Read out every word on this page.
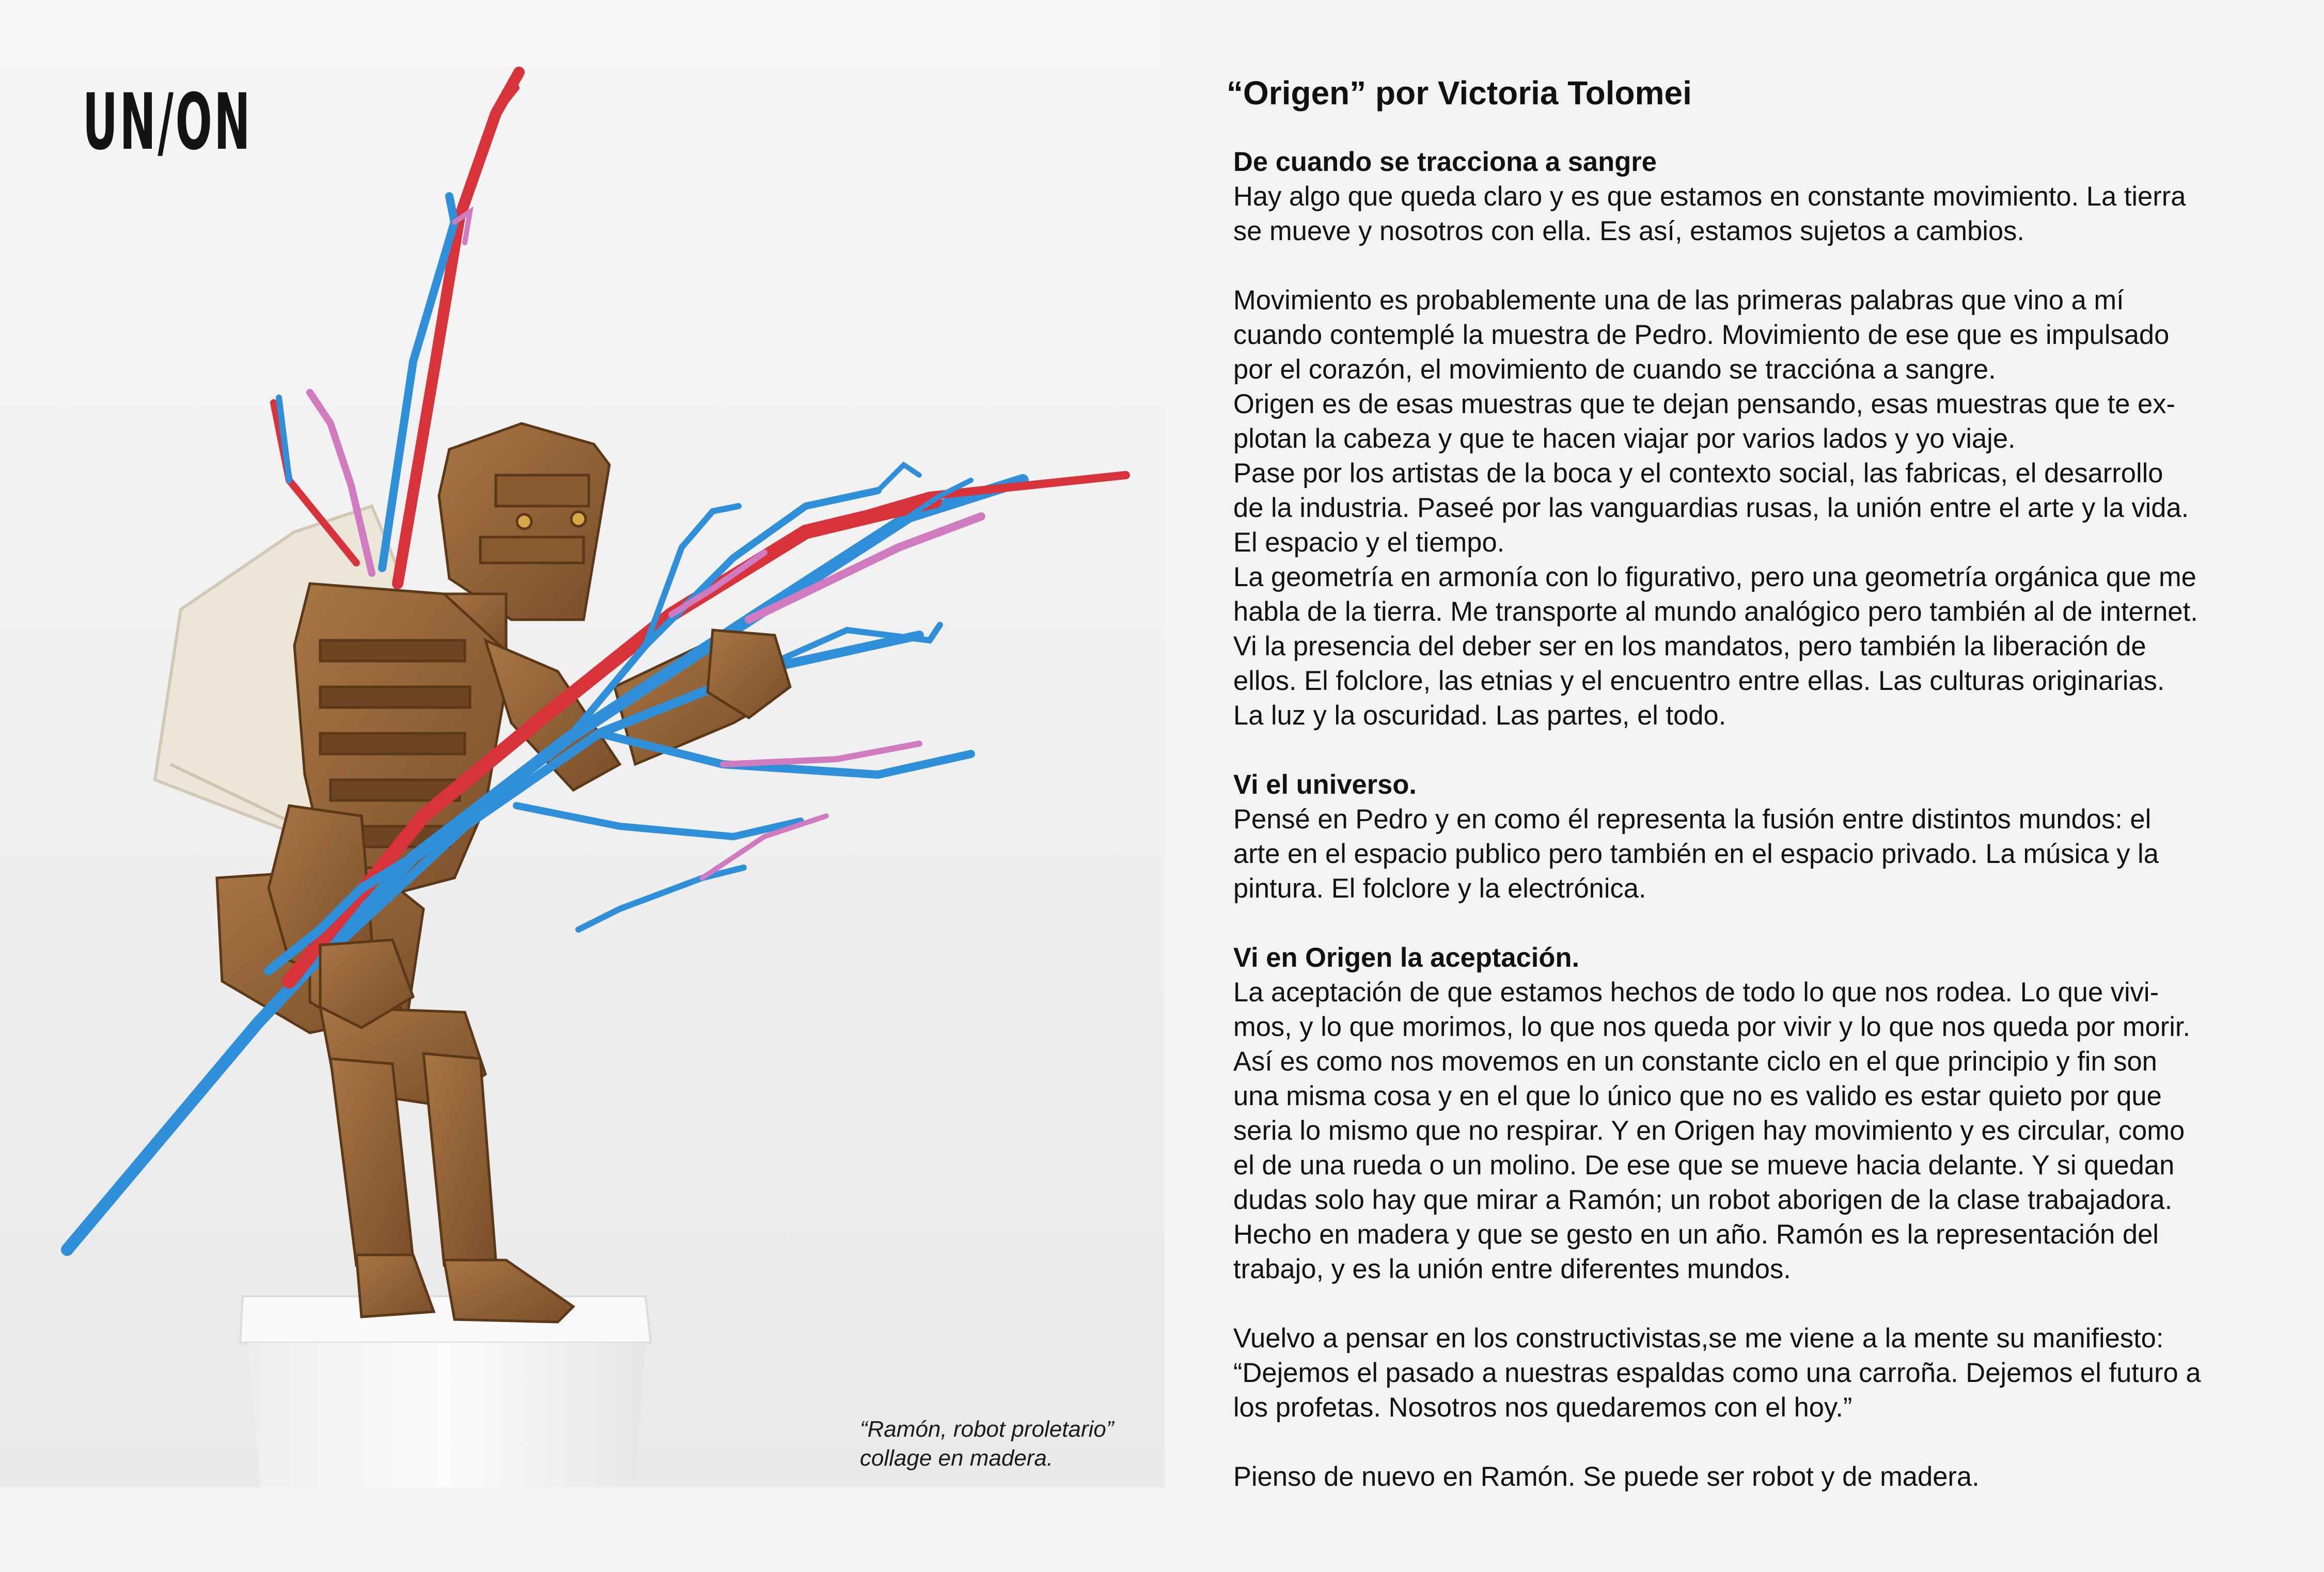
UN/ON
“Ramón, robot proletario”
collage en madera.
“Origen” por Victoria Tolomei

De cuando se tracciona a sangre

Hay algo que queda claro y es que estamos en constante movimiento. La tierra

se mueve y nosotros con ella. Es así, estamos sujetos a cambios.

Movimiento es probablemente una de las primeras palabras que vino a mí

cuando contemplé la muestra de Pedro. Movimiento de ese que es impulsado

por el corazón, el movimiento de cuando se traccióna a sangre.

Origen es de esas muestras que te dejan pensando, esas muestras que te ex-

plotan la cabeza y que te hacen viajar por varios lados y yo viaje.

Pase por los artistas de la boca y el contexto social, las fabricas, el desarrollo

de la industria. Paseé por las vanguardias rusas, la unión entre el arte y la vida.

El espacio y el tiempo.

La geometría en armonía con lo figurativo, pero una geometría orgánica que me

habla de la tierra. Me transporte al mundo analógico pero también al de internet.

Vi la presencia del deber ser en los mandatos, pero también la liberación de

ellos. El folclore, las etnias y el encuentro entre ellas. Las culturas originarias.

La luz y la oscuridad. Las partes, el todo.

Vi el universo.

Pensé en Pedro y en como él representa la fusión entre distintos mundos: el

arte en el espacio publico pero también en el espacio privado. La música y la

pintura. El folclore y la electrónica.

Vi en Origen la aceptación.

La aceptación de que estamos hechos de todo lo que nos rodea. Lo que vivi-

mos, y lo que morimos, lo que nos queda por vivir y lo que nos queda por morir.

Así es como nos movemos en un constante ciclo en el que principio y fin son

una misma cosa y en el que lo único que no es valido es estar quieto por que

seria lo mismo que no respirar. Y en Origen hay movimiento y es circular, como

el de una rueda o un molino. De ese que se mueve hacia delante. Y si quedan

dudas solo hay que mirar a Ramón; un robot aborigen de la clase trabajadora.

Hecho en madera y que se gesto en un año. Ramón es la representación del

trabajo, y es la unión entre diferentes mundos.

Vuelvo a pensar en los constructivistas,se me viene a la mente su manifiesto:

“Dejemos el pasado a nuestras espaldas como una carroña. Dejemos el futuro a

los profetas. Nosotros nos quedaremos con el hoy.”

Pienso de nuevo en Ramón. Se puede ser robot y de madera.
